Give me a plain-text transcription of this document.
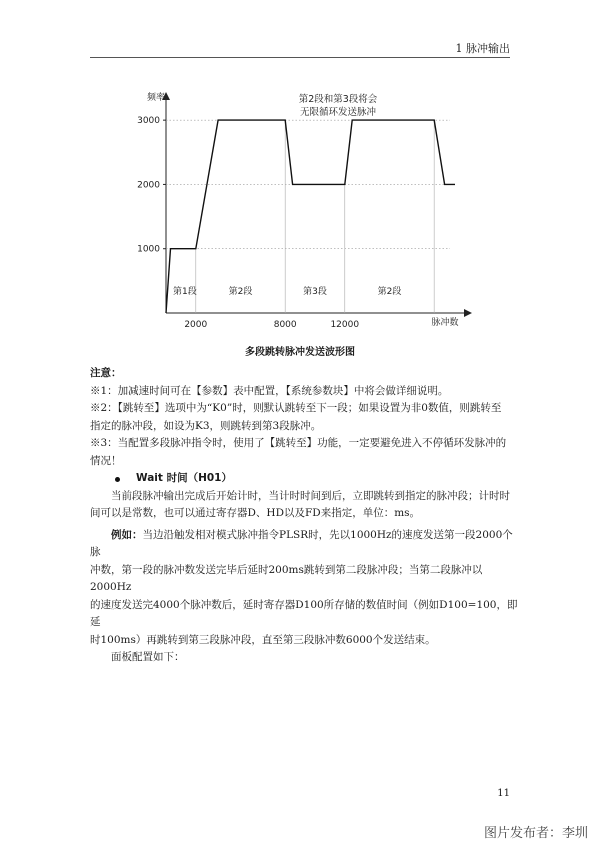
1 脉冲输出
频率
脉冲数
1000
2000
3000
2000	8000	12000
第1段	第2段	第3段	第2段
第2段和第3段将会
无限循环发送脉冲
多段跳转脉冲发送波形图
注意：

※1：加减速时间可在【参数】表中配置，【系统参数块】中将会做详细说明。

※2：【跳转至】选项中为“K0”时，则默认跳转至下一段；如果设置为非0数值，则跳转至

指定的脉冲段，如设为K3，则跳转到第3段脉冲。

※3：当配置多段脉冲指令时，使用了【跳转至】功能，一定要避免进入不停循环发脉冲的

情况！

Wait 时间（H01）

当前段脉冲输出完成后开始计时，当计时时间到后，立即跳转到指定的脉冲段；计时时

间可以是常数，也可以通过寄存器D、HD以及FD来指定，单位：ms。

例如：当边沿触发相对模式脉冲指令PLSR时，先以1000Hz的速度发送第一段2000个脉

冲数，第一段的脉冲数发送完毕后延时200ms跳转到第二段脉冲段；当第二段脉冲以2000Hz

的速度发送完4000个脉冲数后，延时寄存器D100所存储的数值时间（例如D100=100，即延

时100ms）再跳转到第三段脉冲段，直至第三段脉冲数6000个发送结束。

面板配置如下：

11
图片发布者：李圳
